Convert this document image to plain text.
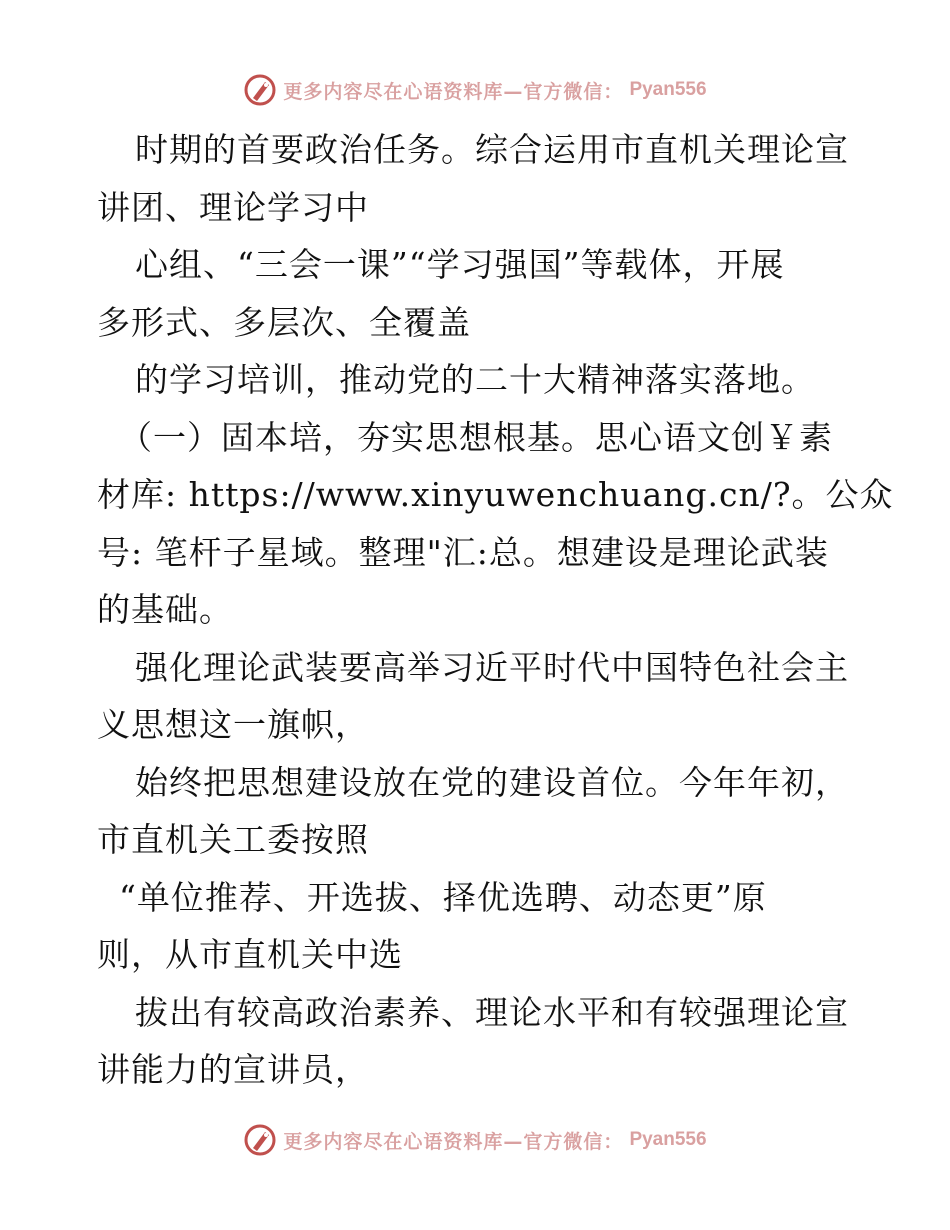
更多内容尽在心语资料库—官方微信： Pyan556
时期的首要政治任务。综合运用市直机关理论宣
讲团、理论学习中
心组、“三会一课”“学习强国”等载体，开展
多形式、多层次、全覆盖
的学习培训，推动党的二十大精神落实落地。
（一）固本培，夯实思想根基。思心语文创￥素
材库: https://www.xinyuwenchuang.cn/?。公众
号: 笔杆子星域。整理"汇:总。想建设是理论武装
的基础。
强化理论武装要高举习近平时代中国特色社会主
义思想这一旗帜，
始终把思想建设放在党的建设首位。今年年初，
市直机关工委按照
“单位推荐、开选拔、择优选聘、动态更”原
则，从市直机关中选
拔出有较高政治素养、理论水平和有较强理论宣
讲能力的宣讲员，
更多内容尽在心语资料库—官方微信： Pyan556
